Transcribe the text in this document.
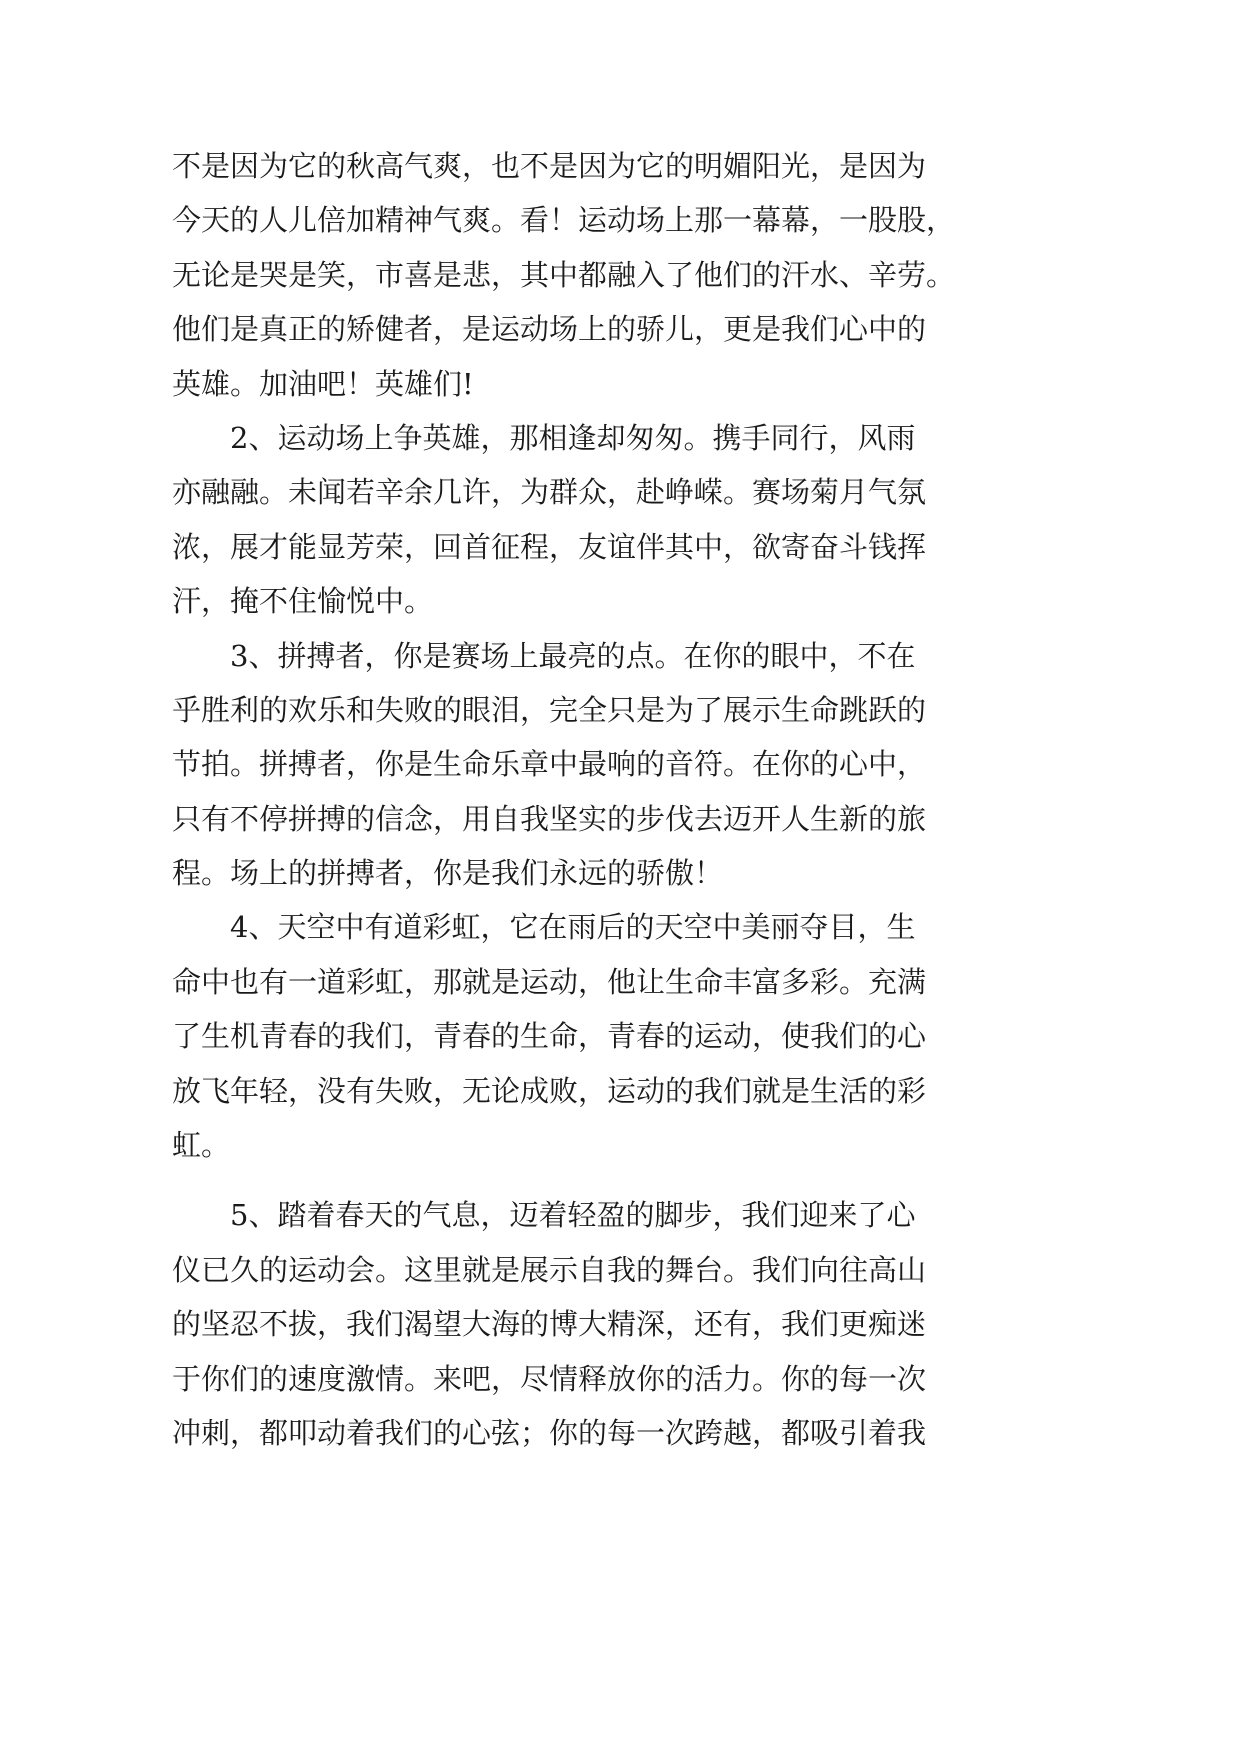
不是因为它的秋高气爽，也不是因为它的明媚阳光，是因为
今天的人儿倍加精神气爽。看！运动场上那一幕幕，一股股，
无论是哭是笑，市喜是悲，其中都融入了他们的汗水、辛劳。
他们是真正的矫健者，是运动场上的骄儿，更是我们心中的
英雄。加油吧！英雄们!
2、运动场上争英雄，那相逢却匆匆。携手同行，风雨
亦融融。未闻若辛余几许，为群众，赴峥嵘。赛场菊月气氛
浓，展才能显芳荣，回首征程，友谊伴其中，欲寄奋斗钱挥
汗，掩不住愉悦中。
3、拼搏者，你是赛场上最亮的点。在你的眼中，不在
乎胜利的欢乐和失败的眼泪，完全只是为了展示生命跳跃的
节拍。拼搏者，你是生命乐章中最响的音符。在你的心中，
只有不停拼搏的信念，用自我坚实的步伐去迈开人生新的旅
程。场上的拼搏者，你是我们永远的骄傲！
4、天空中有道彩虹，它在雨后的天空中美丽夺目，生
命中也有一道彩虹，那就是运动，他让生命丰富多彩。充满
了生机青春的我们，青春的生命，青春的运动，使我们的心
放飞年轻，没有失败，无论成败，运动的我们就是生活的彩
虹。
5、踏着春天的气息，迈着轻盈的脚步，我们迎来了心
仪已久的运动会。这里就是展示自我的舞台。我们向往高山
的坚忍不拔，我们渴望大海的博大精深，还有，我们更痴迷
于你们的速度激情。来吧，尽情释放你的活力。你的每一次
冲刺，都叩动着我们的心弦；你的每一次跨越，都吸引着我
